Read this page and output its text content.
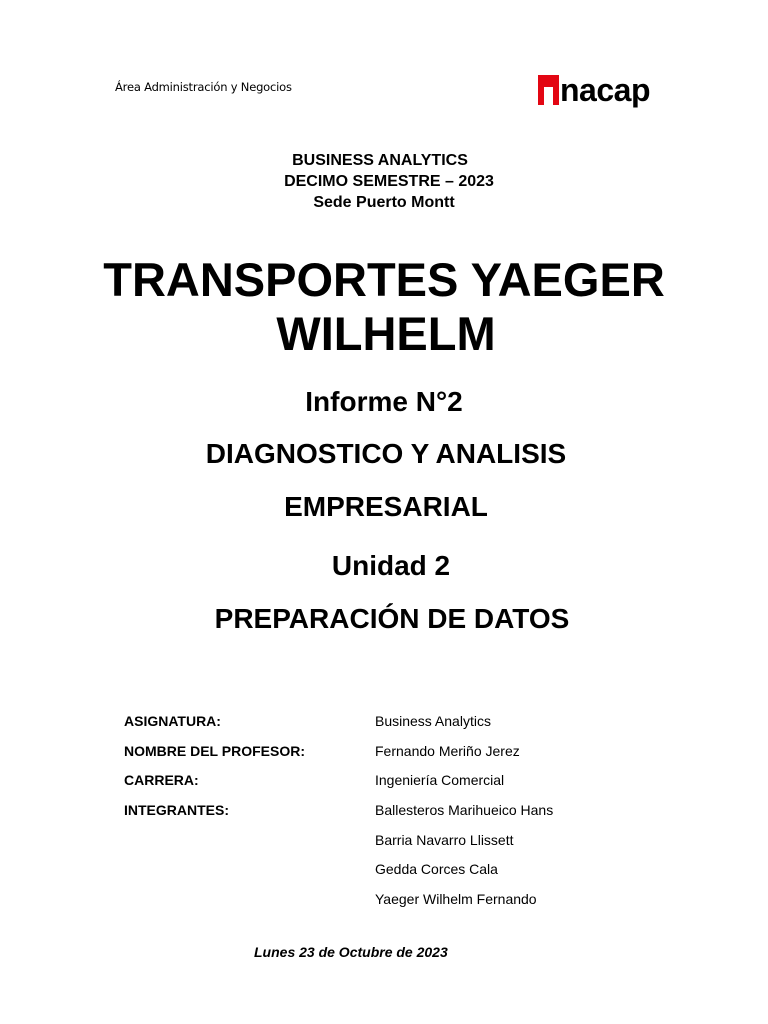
Área Administración y Negocios	nacap
BUSINESS ANALYTICS
DECIMO SEMESTRE – 2023
Sede Puerto Montt
TRANSPORTES YAEGER
WILHELM
Informe N°2
DIAGNOSTICO Y ANALISIS
EMPRESARIAL
Unidad 2
PREPARACIÓN DE DATOS
ASIGNATURA:	Business Analytics
NOMBRE DEL PROFESOR:	Fernando Meriño Jerez
CARRERA:	Ingeniería Comercial
INTEGRANTES:	Ballesteros Marihueico Hans
Barria Navarro Llissett
Gedda Corces Cala
Yaeger Wilhelm Fernando
Lunes 23 de Octubre de 2023
